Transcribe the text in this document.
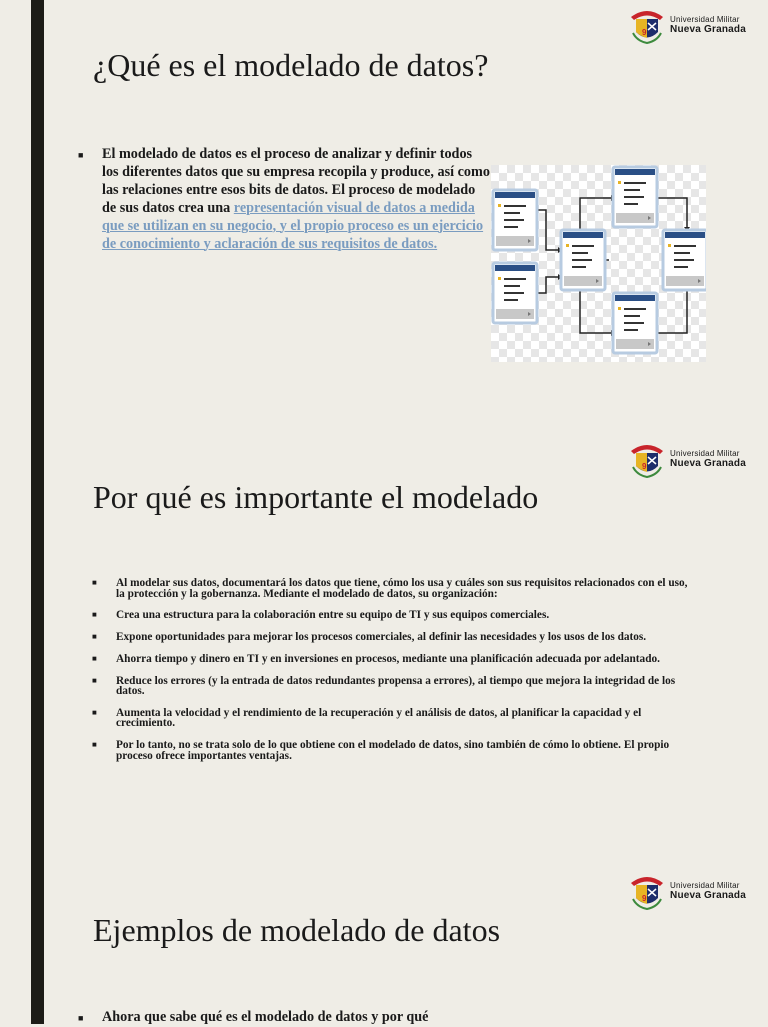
9
Universidad Militar
Nueva Granada
¿Qué es el modelado de datos?
■ El modelado de datos es el proceso de analizar y definir todos los diferentes datos que su empresa recopila y produce, así como las relaciones entre esos bits de datos. El proceso de modelado de sus datos crea una representación visual de datos a medida que se utilizan en su negocio, y el propio proceso es un ejercicio de conocimiento y aclaración de sus requisitos de datos.
9
Universidad Militar
Nueva Granada
Por qué es importante el modelado
■ Al modelar sus datos, documentará los datos que tiene, cómo los usa y cuáles son sus requisitos relacionados con el uso, la protección y la gobernanza. Mediante el modelado de datos, su organización:
■ Crea una estructura para la colaboración entre su equipo de TI y sus equipos comerciales.
■ Expone oportunidades para mejorar los procesos comerciales, al definir las necesidades y los usos de los datos.
■ Ahorra tiempo y dinero en TI y en inversiones en procesos, mediante una planificación adecuada por adelantado.
■ Reduce los errores (y la entrada de datos redundantes propensa a errores), al tiempo que mejora la integridad de los datos.
■ Aumenta la velocidad y el rendimiento de la recuperación y el análisis de datos, al planificar la capacidad y el crecimiento.
■ Por lo tanto, no se trata solo de lo que obtiene con el modelado de datos, sino también de cómo lo obtiene. El propio proceso ofrece importantes ventajas.
9
Universidad Militar
Nueva Granada
Ejemplos de modelado de datos
■ Ahora que sabe qué es el modelado de datos y por qué
